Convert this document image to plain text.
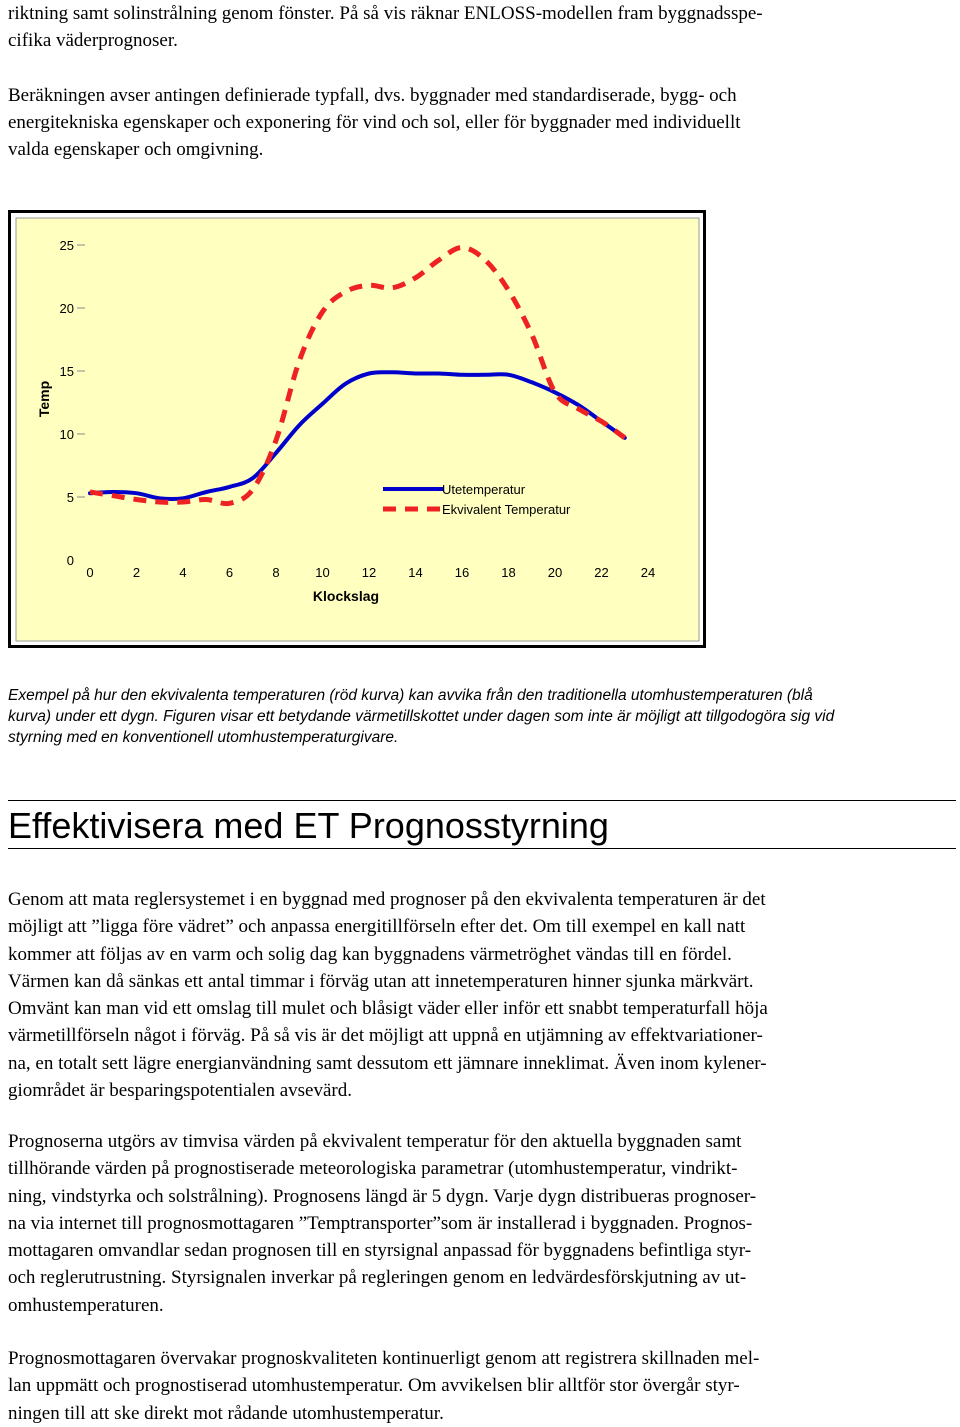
riktning samt solinstrålning genom fönster. På så vis räknar ENLOSS-modellen fram byggnadsspe-
cifika väderprognoser.

Beräkningen avser antingen definierade typfall, dvs. byggnader med standardiserade, bygg- och
energitekniska egenskaper och exponering för vind och sol, eller för byggnader med individuellt
valda egenskaper och omgivning.
0
5
10
15
20
25
0	2	4	6	8	10 12 14 16 18 20 22 24
Klockslag
Temp
Utetemperatur
Ekvivalent Temperatur
Exempel på hur den ekvivalenta temperaturen (röd kurva) kan avvika från den traditionella utomhustemperaturen (blå
kurva) under ett dygn. Figuren visar ett betydande värmetillskottet under dagen som inte är möjligt att tillgodogöra sig vid
styrning med en konventionell utomhustemperaturgivare.
Effektivisera med ET Prognosstyrning
Genom att mata reglersystemet i en byggnad med prognoser på den ekvivalenta temperaturen är det
möjligt att ”ligga före vädret” och anpassa energitillförseln efter det. Om till exempel en kall natt
kommer att följas av en varm och solig dag kan byggnadens värmetröghet vändas till en fördel.
Värmen kan då sänkas ett antal timmar i förväg utan att innetemperaturen hinner sjunka märkvärt.
Omvänt kan man vid ett omslag till mulet och blåsigt väder eller inför ett snabbt temperaturfall höja
värmetillförseln något i förväg. På så vis är det möjligt att uppnå en utjämning av effektvariationer-
na, en totalt sett lägre energianvändning samt dessutom ett jämnare inneklimat. Även inom kylener-
giområdet är besparingspotentialen avsevärd.
Prognoserna utgörs av timvisa värden på ekvivalent temperatur för den aktuella byggnaden samt
tillhörande värden på prognostiserade meteorologiska parametrar (utomhustemperatur, vindrikt-
ning, vindstyrka och solstrålning). Prognosens längd är 5 dygn. Varje dygn distribueras prognoser-
na via internet till prognosmottagaren ”Temptransporter”som är installerad i byggnaden. Prognos-
mottagaren omvandlar sedan prognosen till en styrsignal anpassad för byggnadens befintliga styr-
och reglerutrustning. Styrsignalen inverkar på regleringen genom en ledvärdesförskjutning av ut-
omhustemperaturen.
Prognosmottagaren övervakar prognoskvaliteten kontinuerligt genom att registrera skillnaden mel-
lan uppmätt och prognostiserad utomhustemperatur. Om avvikelsen blir alltför stor övergår styr-
ningen till att ske direkt mot rådande utomhustemperatur.
